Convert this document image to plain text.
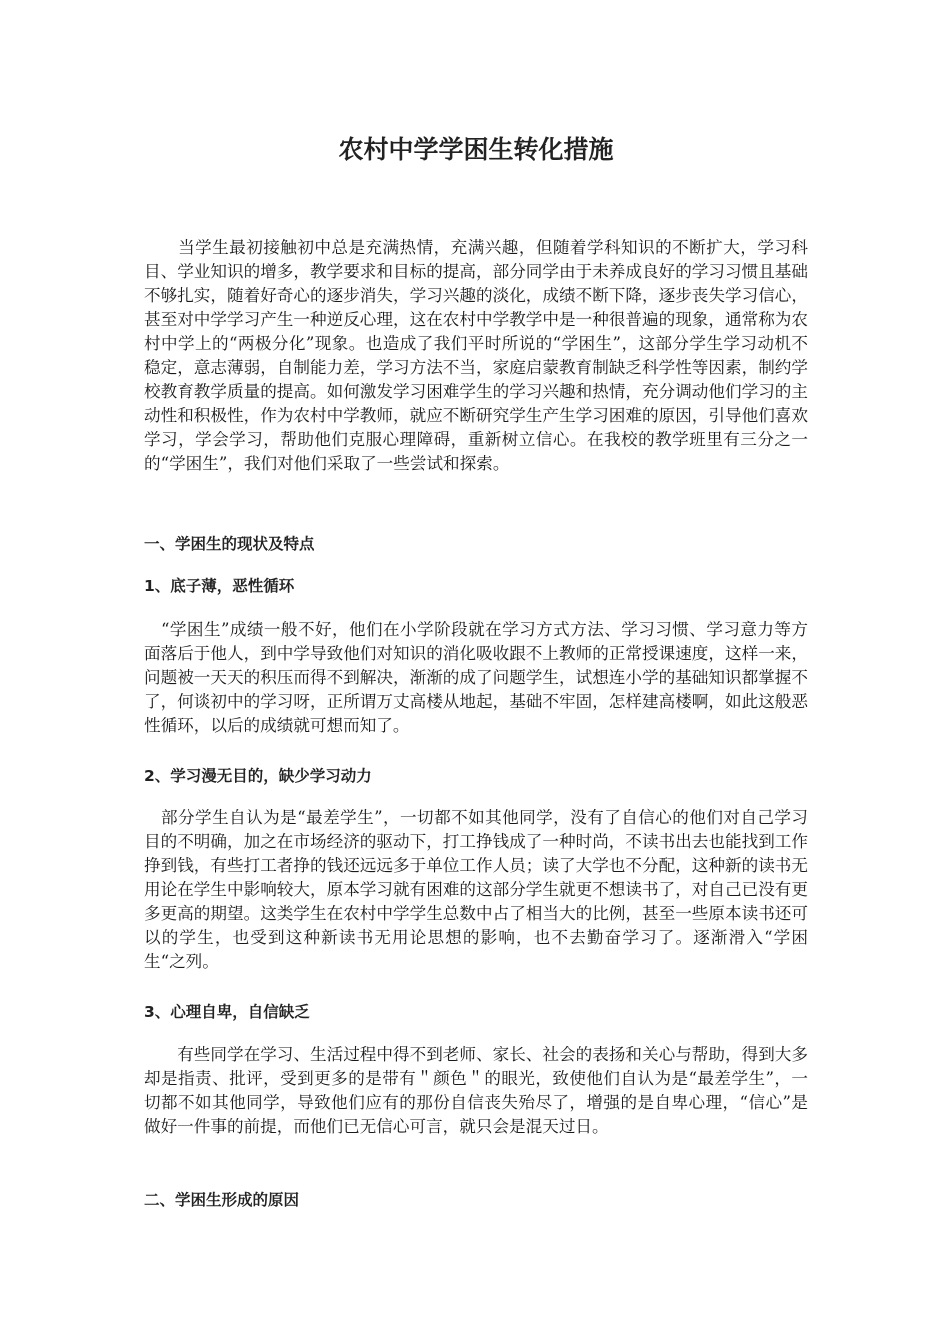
农村中学学困生转化措施

　　当学生最初接触初中总是充满热情，充满兴趣，但随着学科知识的不断扩大，学习科目、学业知识的增多，教学要求和目标的提高，部分同学由于未养成良好的学习习惯且基础不够扎实，随着好奇心的逐步消失，学习兴趣的淡化，成绩不断下降，逐步丧失学习信心，甚至对中学学习产生一种逆反心理，这在农村中学教学中是一种很普遍的现象，通常称为农村中学上的“两极分化”现象。也造成了我们平时所说的“学困生”，这部分学生学习动机不稳定，意志薄弱，自制能力差，学习方法不当，家庭启蒙教育制缺乏科学性等因素，制约学校教育教学质量的提高。如何激发学习困难学生的学习兴趣和热情，充分调动他们学习的主动性和积极性，作为农村中学教师，就应不断研究学生产生学习困难的原因，引导他们喜欢学习，学会学习，帮助他们克服心理障碍，重新树立信心。在我校的教学班里有三分之一的“学困生”，我们对他们采取了一些尝试和探索。

一、学困生的现状及特点
1、底子薄，恶性循环

　“学困生”成绩一般不好，他们在小学阶段就在学习方式方法、学习习惯、学习意力等方面落后于他人，到中学导致他们对知识的消化吸收跟不上教师的正常授课速度，这样一来，问题被一天天的积压而得不到解决，渐渐的成了问题学生，试想连小学的基础知识都掌握不了，何谈初中的学习呀，正所谓万丈高楼从地起，基础不牢固，怎样建高楼啊，如此这般恶性循环，以后的成绩就可想而知了。

2、学习漫无目的，缺少学习动力

　部分学生自认为是“最差学生”，一切都不如其他同学，没有了自信心的他们对自己学习目的不明确，加之在市场经济的驱动下，打工挣钱成了一种时尚，不读书出去也能找到工作挣到钱，有些打工者挣的钱还远远多于单位工作人员；读了大学也不分配，这种新的读书无用论在学生中影响较大，原本学习就有困难的这部分学生就更不想读书了，对自己已没有更多更高的期望。这类学生在农村中学学生总数中占了相当大的比例，甚至一些原本读书还可以的学生，也受到这种新读书无用论思想的影响，也不去勤奋学习了。逐渐滑入“学困生“之列。

3、心理自卑，自信缺乏

　　有些同学在学习、生活过程中得不到老师、家长、社会的表扬和关心与帮助，得到大多却是指责、批评，受到更多的是带有＂颜色＂的眼光，致使他们自认为是“最差学生”，一切都不如其他同学，导致他们应有的那份自信丧失殆尽了，增强的是自卑心理，“信心”是做好一件事的前提，而他们已无信心可言，就只会是混天过日。

二、学困生形成的原因
